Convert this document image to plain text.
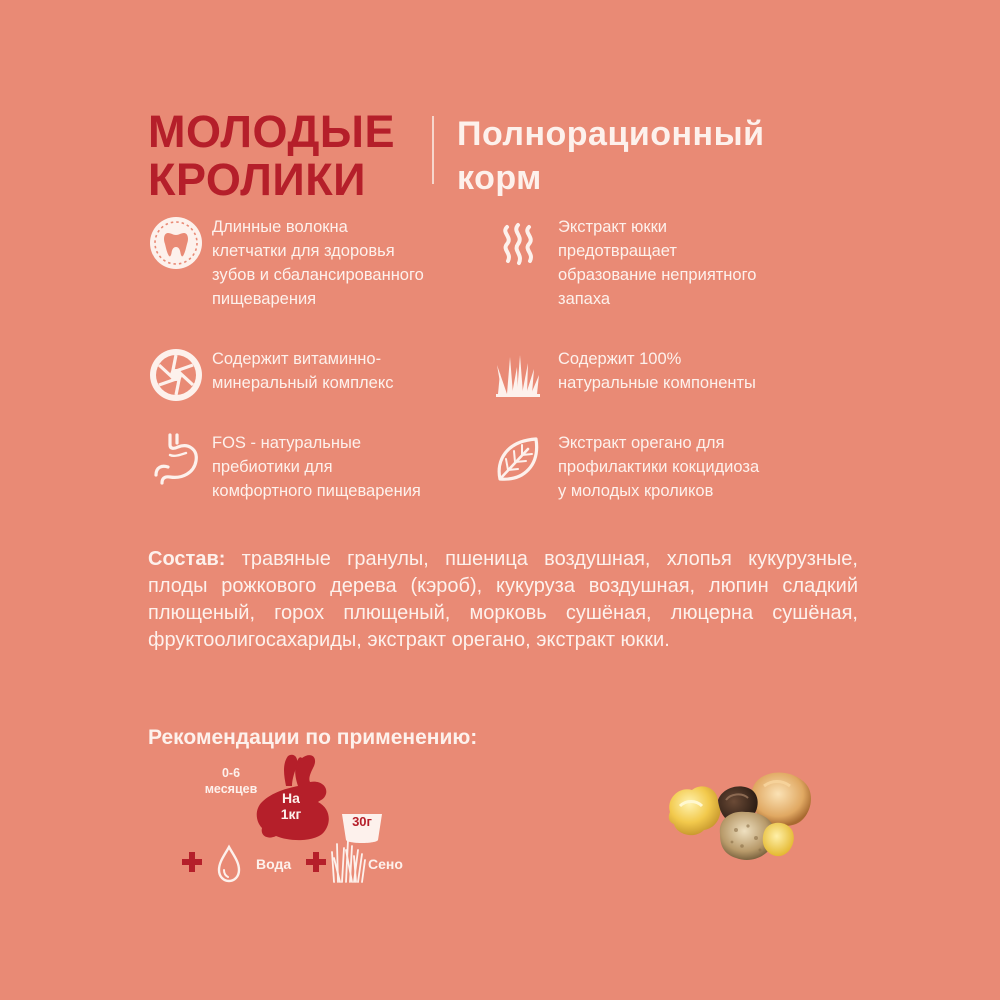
МОЛОДЫЕ
КРОЛИКИ
Полнорационный
корм
Длинные волокна
клетчатки для здоровья
зубов и сбалансированного
пищеварения
Экстракт юкки
предотвращает
образование неприятного
запаха
Содержит витаминно-
минеральный комплекс
Содержит 100%
натуральные компоненты
FOS - натуральные
пребиотики для
комфортного пищеварения
Экстракт орегано для
профилактики кокцидиоза
у молодых кроликов
Состав: травяные гранулы, пшеница воздушная, хлопья кукурузные, плоды рожкового дерева (кэроб), кукуруза воздушная, люпин сладкий плющеный, горох плющеный, морковь сушёная, люцерна сушёная, фруктоолигосахариды, экстракт орегано, экстракт юкки.
Рекомендации по применению:
0-6
месяцев
На
1кг	30г
Вода	Сено
